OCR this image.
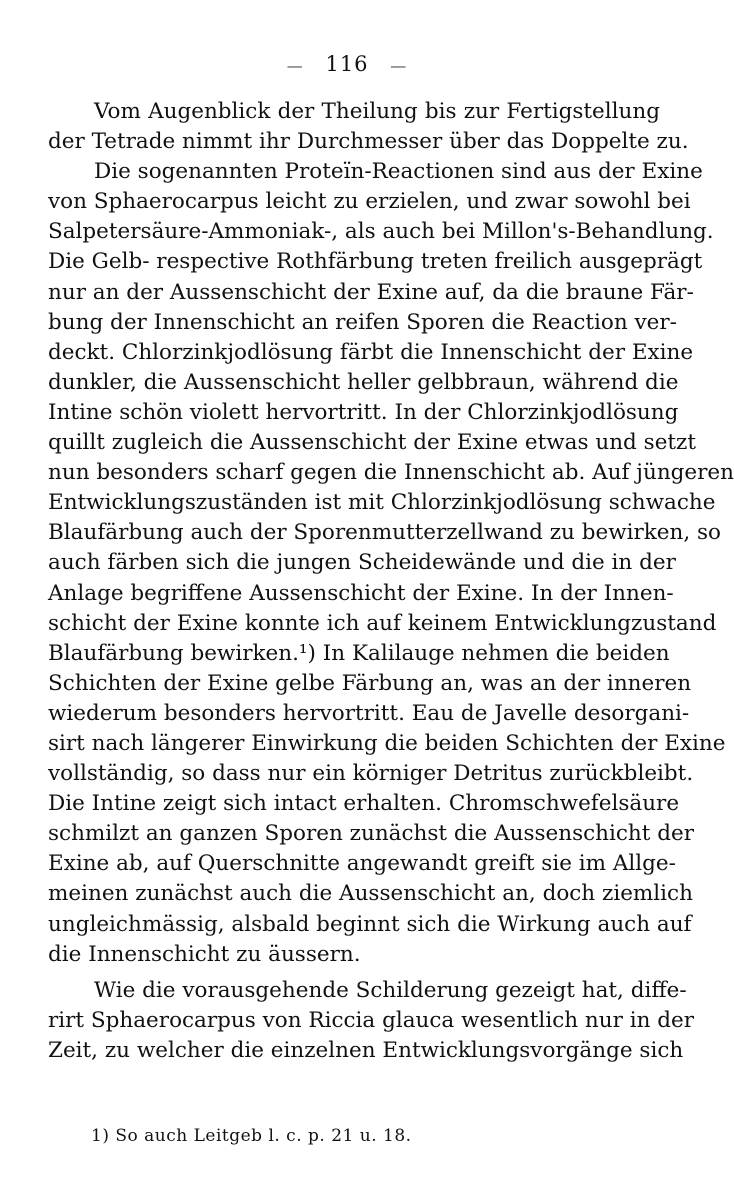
— 116 —
Vom Augenblick der Theilung bis zur Fertigstellung
der Tetrade nimmt ihr Durchmesser über das Doppelte zu.
Die sogenannten Proteïn-Reactionen sind aus der Exine
von Sphaerocarpus leicht zu erzielen, und zwar sowohl bei
Salpetersäure-Ammoniak-, als auch bei Millon's-Behandlung.
Die Gelb- respective Rothfärbung treten freilich ausgeprägt
nur an der Aussenschicht der Exine auf, da die braune Fär-
bung der Innenschicht an reifen Sporen die Reaction ver-
deckt. Chlorzinkjodlösung färbt die Innenschicht der Exine
dunkler, die Aussenschicht heller gelbbraun, während die
Intine schön violett hervortritt. In der Chlorzinkjodlösung
quillt zugleich die Aussenschicht der Exine etwas und setzt
nun besonders scharf gegen die Innenschicht ab. Auf jüngeren
Entwicklungszuständen ist mit Chlorzinkjodlösung schwache
Blaufärbung auch der Sporenmutterzellwand zu bewirken, so
auch färben sich die jungen Scheidewände und die in der
Anlage begriffene Aussenschicht der Exine. In der Innen-
schicht der Exine konnte ich auf keinem Entwicklungzustand
Blaufärbung bewirken.¹) In Kalilauge nehmen die beiden
Schichten der Exine gelbe Färbung an, was an der inneren
wiederum besonders hervortritt. Eau de Javelle desorgani-
sirt nach längerer Einwirkung die beiden Schichten der Exine
vollständig, so dass nur ein körniger Detritus zurückbleibt.
Die Intine zeigt sich intact erhalten. Chromschwefelsäure
schmilzt an ganzen Sporen zunächst die Aussenschicht der
Exine ab, auf Querschnitte angewandt greift sie im Allge-
meinen zunächst auch die Aussenschicht an, doch ziemlich
ungleichmässig, alsbald beginnt sich die Wirkung auch auf
die Innenschicht zu äussern.
Wie die vorausgehende Schilderung gezeigt hat, diffe-
rirt Sphaerocarpus von Riccia glauca wesentlich nur in der
Zeit, zu welcher die einzelnen Entwicklungsvorgänge sich
1) So auch Leitgeb l. c. p. 21 u. 18.
